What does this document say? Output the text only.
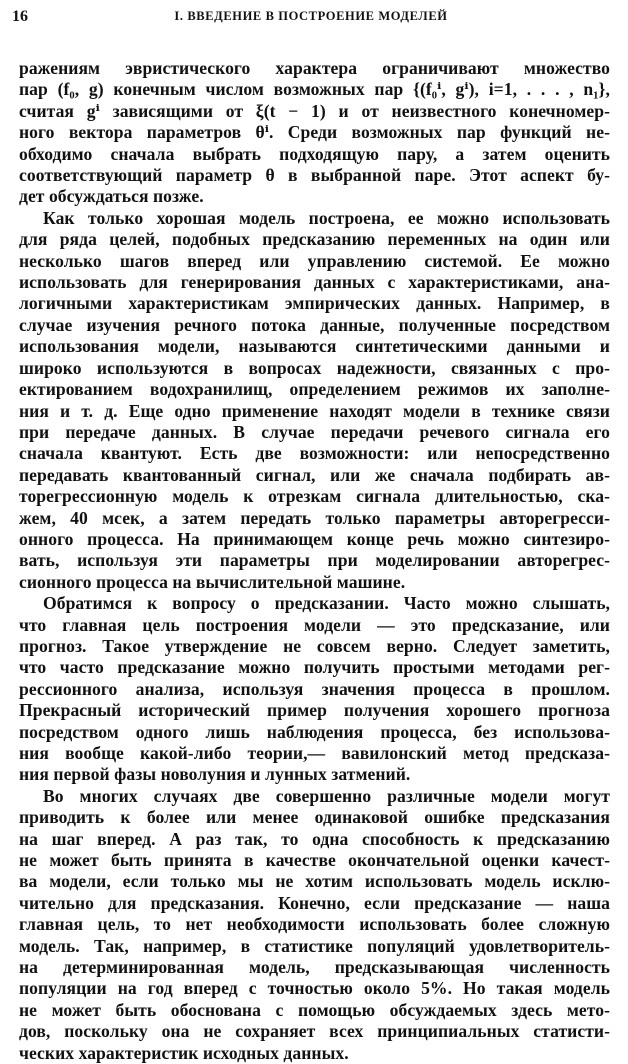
16	I. ВВЕДЕНИЕ В ПОСТРОЕНИЕ МОДЕЛЕЙ
ражениям эвристического характера ограничивают множество
пар (f₀, g) конечным числом возможных пар {(f₀ⁱ, gⁱ), i=1, . . . , n₁},
считая gⁱ зависящими от ξ(t − 1) и от неизвестного конечномер-
ного вектора параметров θⁱ. Среди возможных пар функций не-
обходимо сначала выбрать подходящую пару, а затем оценить
соответствующий параметр θ в выбранной паре. Этот аспект бу-
дет обсуждаться позже.
Как только хорошая модель построена, ее можно использовать
для ряда целей, подобных предсказанию переменных на один или
несколько шагов вперед или управлению системой. Ее можно
использовать для генерирования данных с характеристиками, ана-
логичными характеристикам эмпирических данных. Например, в
случае изучения речного потока данные, полученные посредством
использования модели, называются синтетическими данными и
широко используются в вопросах надежности, связанных с про-
ектированием водохранилищ, определением режимов их заполне-
ния и т. д. Еще одно применение находят модели в технике связи
при передаче данных. В случае передачи речевого сигнала его
сначала квантуют. Есть две возможности: или непосредственно
передавать квантованный сигнал, или же сначала подбирать ав-
торегрессионную модель к отрезкам сигнала длительностью, ска-
жем, 40 мсек, а затем передать только параметры авторегресси-
онного процесса. На принимающем конце речь можно синтезиро-
вать, используя эти параметры при моделировании авторегрес-
сионного процесса на вычислительной машине.
Обратимся к вопросу о предсказании. Часто можно слышать,
что главная цель построения модели — это предсказание, или
прогноз. Такое утверждение не совсем верно. Следует заметить,
что часто предсказание можно получить простыми методами рег-
рессионного анализа, используя значения процесса в прошлом.
Прекрасный исторический пример получения хорошего прогноза
посредством одного лишь наблюдения процесса, без использова-
ния вообще какой-либо теории,— вавилонский метод предсказа-
ния первой фазы новолуния и лунных затмений.
Во многих случаях две совершенно различные модели могут
приводить к более или менее одинаковой ошибке предсказания
на шаг вперед. А раз так, то одна способность к предсказанию
не может быть принята в качестве окончательной оценки качест-
ва модели, если только мы не хотим использовать модель исклю-
чительно для предсказания. Конечно, если предсказание — наша
главная цель, то нет необходимости использовать более сложную
модель. Так, например, в статистике популяций удовлетворитель-
на детерминированная модель, предсказывающая численность
популяции на год вперед с точностью около 5%. Но такая модель
не может быть обоснована с помощью обсуждаемых здесь мето-
дов, поскольку она не сохраняет всех принципиальных статисти-
ческих характеристик исходных данных.
